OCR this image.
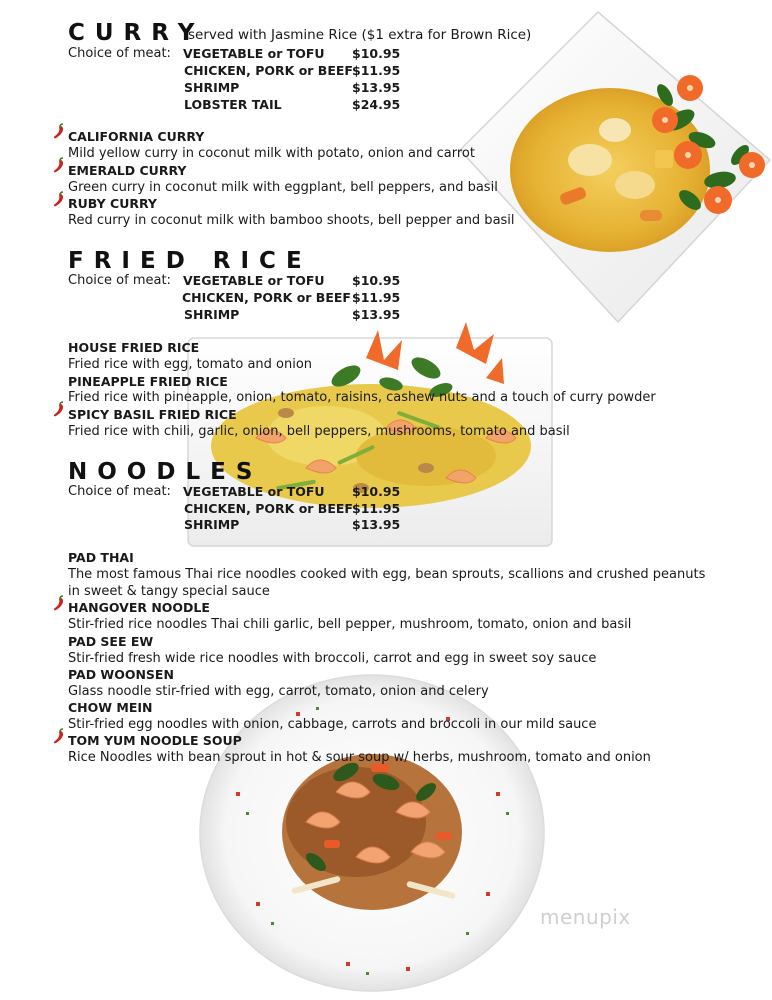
menupix
CURRY
served with Jasmine Rice ($1 extra for Brown Rice)
Choice of meat: VEGETABLE or TOFU $10.95
CHICKEN, PORK or BEEF $11.95
SHRIMP	$13.95
LOBSTER TAIL	$24.95
CALIFORNIA CURRY
Mild yellow curry in coconut milk with potato, onion and carrot
EMERALD CURRY
Green curry in coconut milk with eggplant, bell peppers, and basil
RUBY CURRY
Red curry in coconut milk with bamboo shoots, bell pepper and basil
FRIED RICE
Choice of meat: VEGETABLE or TOFU $10.95
CHICKEN, PORK or BEEF $11.95
SHRIMP	$13.95
HOUSE FRIED RICE
Fried rice with egg, tomato and onion
PINEAPPLE FRIED RICE
Fried rice with pineapple, onion, tomato, raisins, cashew nuts and a touch of curry powder
SPICY BASIL FRIED RICE
Fried rice with chili, garlic, onion, bell peppers, mushrooms, tomato and basil
NOODLES
Choice of meat: VEGETABLE or TOFU $10.95
CHICKEN, PORK or BEEF $11.95
SHRIMP	$13.95
PAD THAI
The most famous Thai rice noodles cooked with egg, bean sprouts, scallions and crushed peanuts
in sweet & tangy special sauce
HANGOVER NOODLE
Stir-fried rice noodles Thai chili garlic, bell pepper, mushroom, tomato, onion and basil
PAD SEE EW
Stir-fried fresh wide rice noodles with broccoli, carrot and egg in sweet soy sauce
PAD WOONSEN
Glass noodle stir-fried with egg, carrot, tomato, onion and celery
CHOW MEIN
Stir-fried egg noodles with onion, cabbage, carrots and broccoli in our mild sauce
TOM YUM NOODLE SOUP
Rice Noodles with bean sprout in hot & sour soup w/ herbs, mushroom, tomato and onion
